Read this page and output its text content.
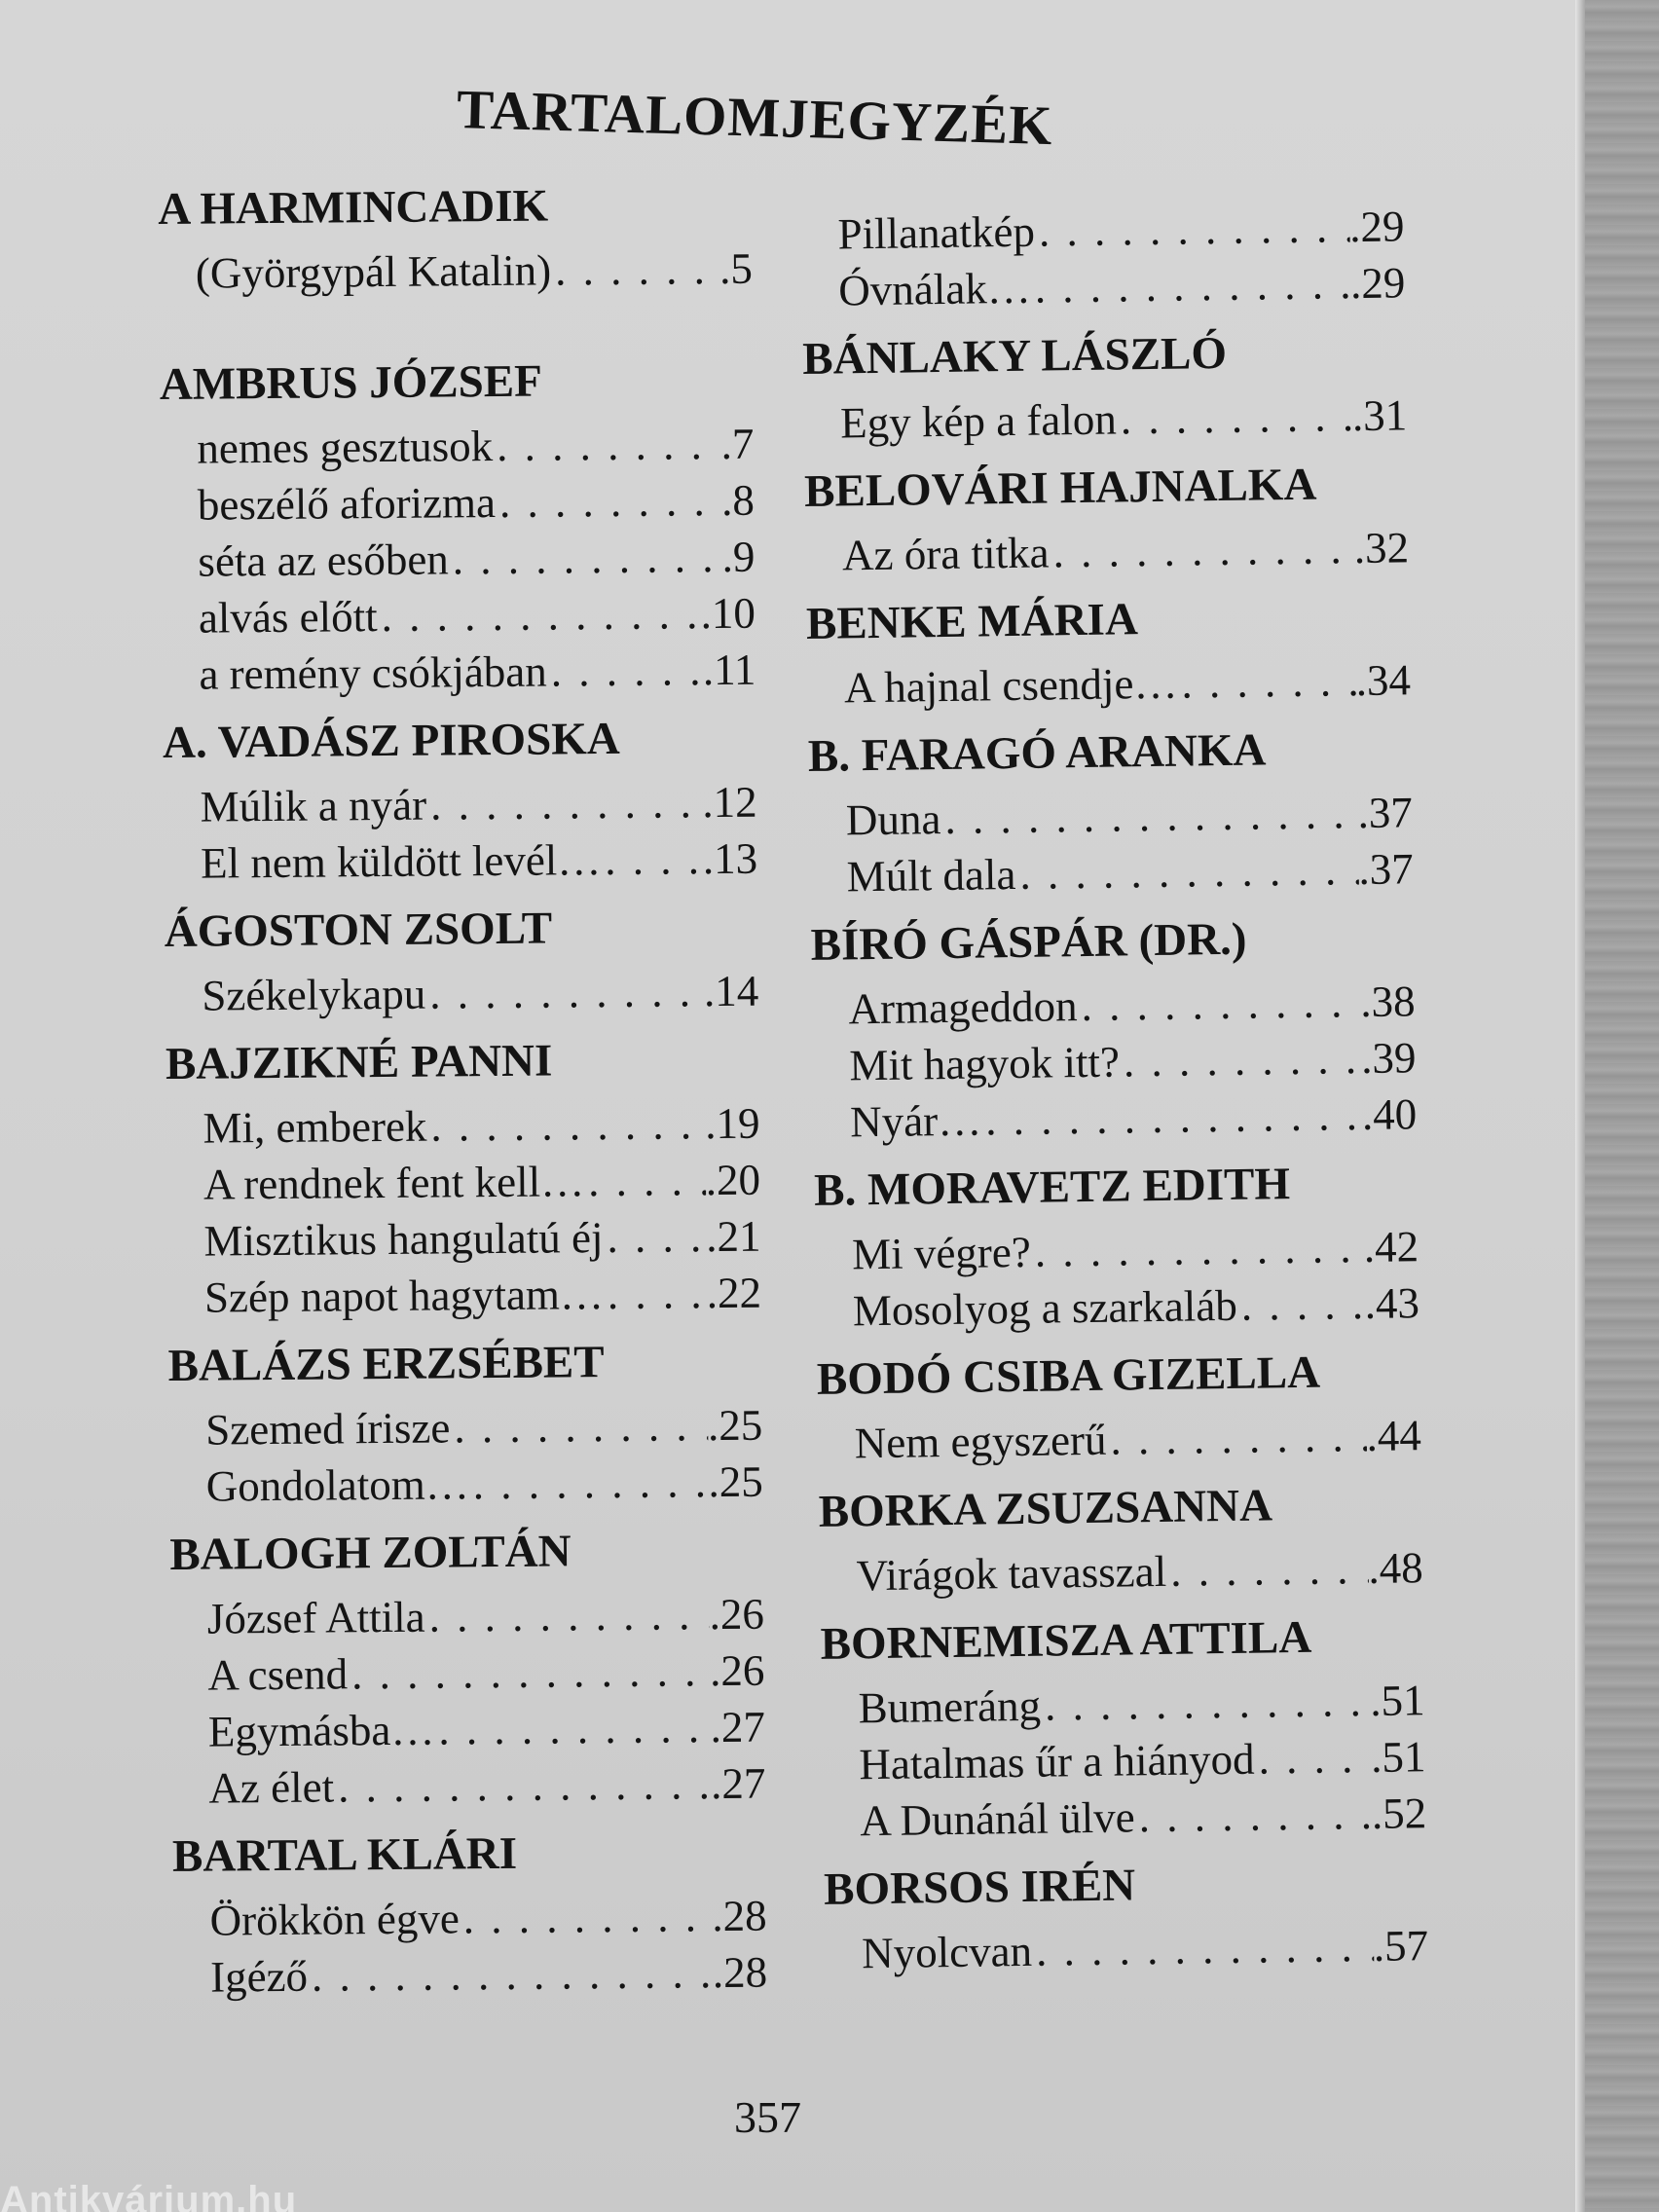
TARTALOMJEGYZÉK
A HARMINCADIK
(Györgypál Katalin) . . .	.5
AMBRUS JÓZSEF
nemes gesztusok . . .	.7
beszélő aforizma . . .	.8
séta az esőben . . .	.9
alvás előtt . . .	.10
a remény csókjában . . .	.11
A. VADÁSZ PIROSKA
Múlik a nyár . . .	.12
El nem küldött levél… . . . .13
ÁGOSTON ZSOLT
Székelykapu . . .	.14
BAJZIKNÉ PANNI
Mi, emberek . . .	.19
A rendnek fent kell… . . .	.20
Misztikus hangulatú éj . . . .21
Szép napot hagytam… . . . .22
BALÁZS ERZSÉBET
Szemed írisze . . .	.25
Gondolatom… . . .	.25
BALOGH ZOLTÁN
József Attila . . .	.26
A csend . . .	.26
Egymásba… . . .	.27
Az élet . . .	.27
BARTAL KLÁRI
Örökkön égve . . .	.28
Igéző . . .	.28
Pillanatkép . . .	.29
Óvnálak… . . .	.29
BÁNLAKY LÁSZLÓ
Egy kép a falon . . .	.31
BELOVÁRI HAJNALKA
Az óra titka . . .	.32
BENKE MÁRIA
A hajnal csendje… . . .	.34
B. FARAGÓ ARANKA
Duna . . .	.37
Múlt dala . . .	.37
BÍRÓ GÁSPÁR (DR.)
Armageddon . . .	.38
Mit hagyok itt? . . .	.39
Nyár… . . .	.40
B. MORAVETZ EDITH
Mi végre? . . .	.42
Mosolyog a szarkaláb . . .	.43
BODÓ CSIBA GIZELLA
Nem egyszerű . . .	.44
BORKA ZSUZSANNA
Virágok tavasszal . . .	.48
BORNEMISZA ATTILA
Bumeráng . . .	.51
Hatalmas űr a hiányod . . .	.51
A Dunánál ülve . . .	.52
BORSOS IRÉN
Nyolcvan . . .	.57

357

Antikvárium.hu
